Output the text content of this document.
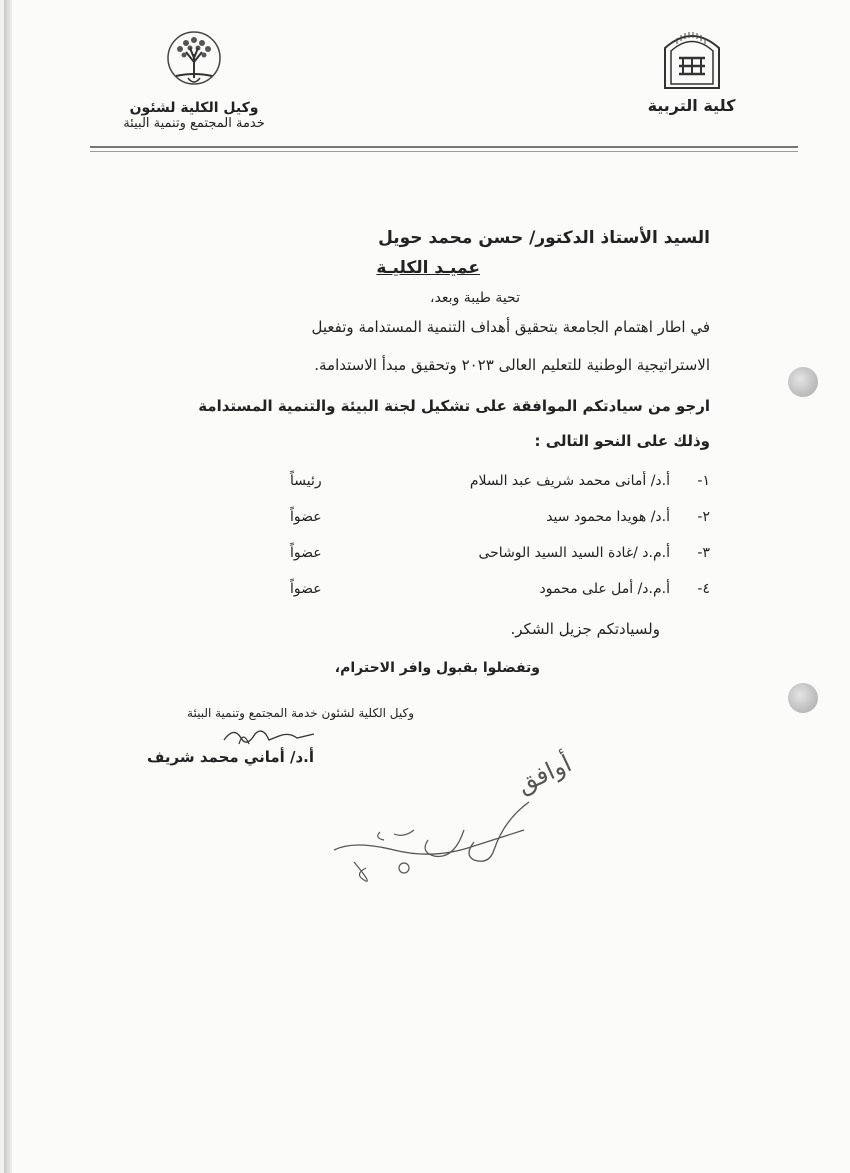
كلية التربية
وكيل الكلية لشئون
خدمة المجتمع وتنمية البيئة
السيد الأستاذ الدكتور/ حسن محمد حويل
عميـد الكليـة
تحية طيبة وبعد،
في اطار اهتمام الجامعة بتحقيق أهداف التنمية المستدامة وتفعيل
الاستراتيجية الوطنية للتعليم العالى ٢٠٢٣ وتحقيق مبدأ الاستدامة.
ارجو من سيادتكم الموافقة على تشكيل لجنة البيئة والتنمية المستدامة
وذلك على النحو التالى :
١-
أ.د/ أمانى محمد شريف عبد السلام
رئيساً
٢-
أ.د/ هويدا محمود سيد
عضواً
٣-
أ.م.د /غادة السيد السيد الوشاحى
عضواً
٤-
أ.م.د/ أمل على محمود
عضواً
ولسيادتكم جزيل الشكر.
وتفضلوا بقبول وافر الاحترام،
وكيل الكلية لشئون خدمة المجتمع وتنمية البيئة
أ.د/ أماني محمد شريف	أوافق
